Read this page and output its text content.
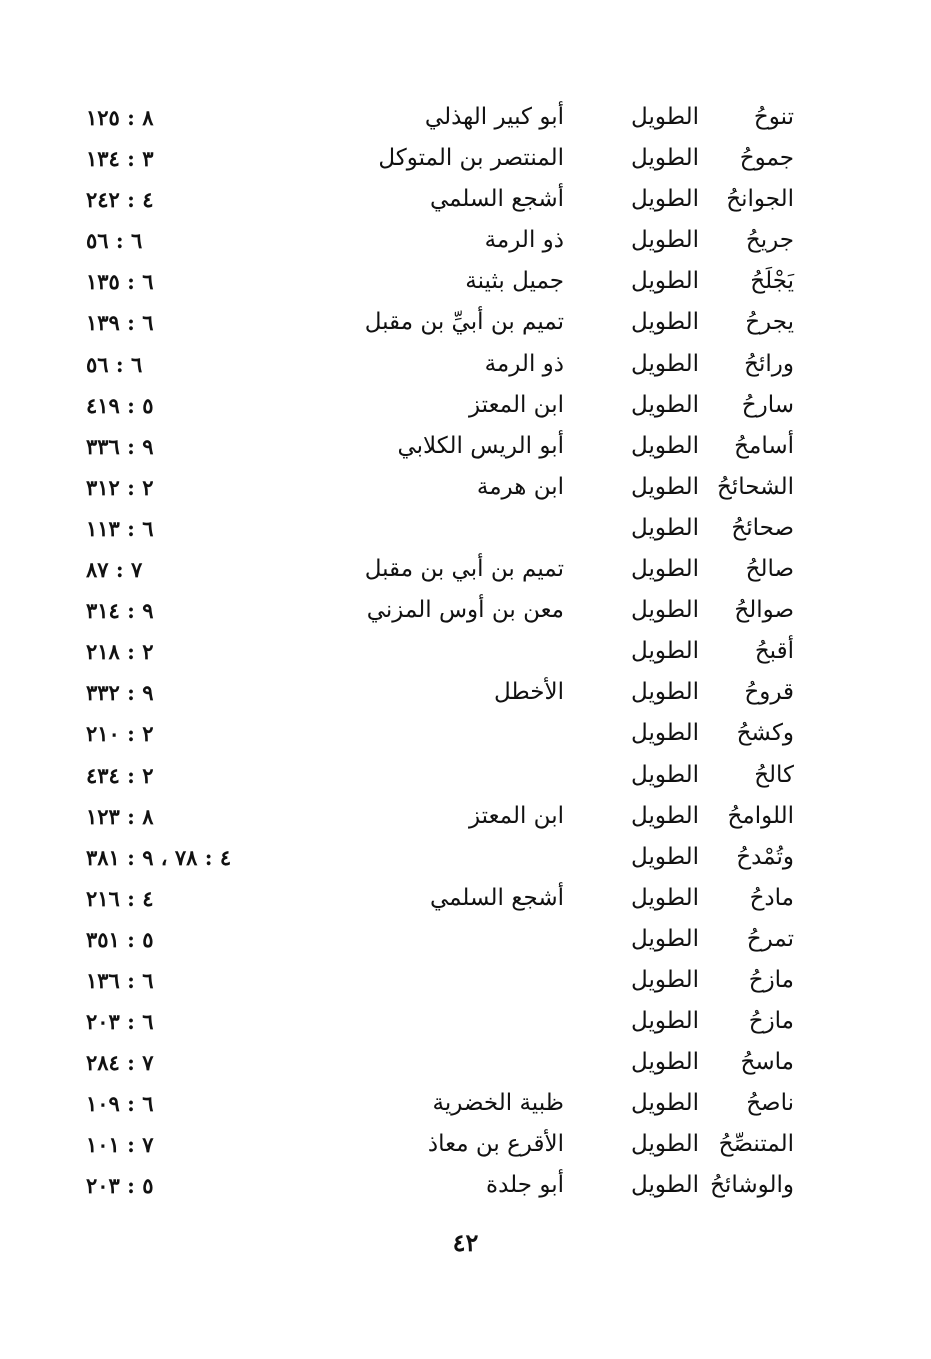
تنوحُ
الطويل
أبو كبير الهذلي
٨ : ١٢٥
جموحُ
الطويل
المنتصر بن المتوكل
٣ : ١٣٤
الجوانحُ
الطويل
أشجع السلمي
٤ : ٢٤٢
جريحُ
الطويل
ذو الرمة
٦ : ٥٦
يَجْلَحُ
الطويل
جميل بثينة
٦ : ١٣٥
يجرحُ
الطويل
تميم بن أبيِّ بن مقبل
٦ : ١٣٩
ورائحُ
الطويل
ذو الرمة
٦ : ٥٦
سارحُ
الطويل
ابن المعتز
٥ : ٤١٩
أسامحُ
الطويل
أبو الريس الكلابي
٩ : ٣٣٦
الشحائحُ
الطويل
ابن هرمة
٢ : ٣١٢
صحائحُ
الطويل
٦ : ١١٣
صالحُ
الطويل
تميم بن أبي بن مقبل
٧ : ٨٧
صوالحُ
الطويل
معن بن أوس المزني
٩ : ٣١٤
أقبحُ
الطويل
٢ : ٢١٨
قروحُ
الطويل
الأخطل
٩ : ٣٣٢
وكشحُ
الطويل
٢ : ٢١٠
كالحُ
الطويل
٢ : ٤٣٤
اللوامحُ
الطويل
ابن المعتز
٨ : ١٢٣
وتُمْدحُ
الطويل
٤ : ٧٨ ، ٩ : ٣٨١
مادحُ
الطويل
أشجع السلمي
٤ : ٢١٦
تمرحُ
الطويل
٥ : ٣٥١
مازحُ
الطويل
٦ : ١٣٦
مازحُ
الطويل
٦ : ٢٠٣
ماسحُ
الطويل
٧ : ٢٨٤
ناصحُ
الطويل
ظبية الخضرية
٦ : ١٠٩
المتنصِّحُ
الطويل
الأقرع بن معاذ
٧ : ١٠١
والوشائحُ
الطويل
أبو جلدة
٥ : ٢٠٣
٤٢
